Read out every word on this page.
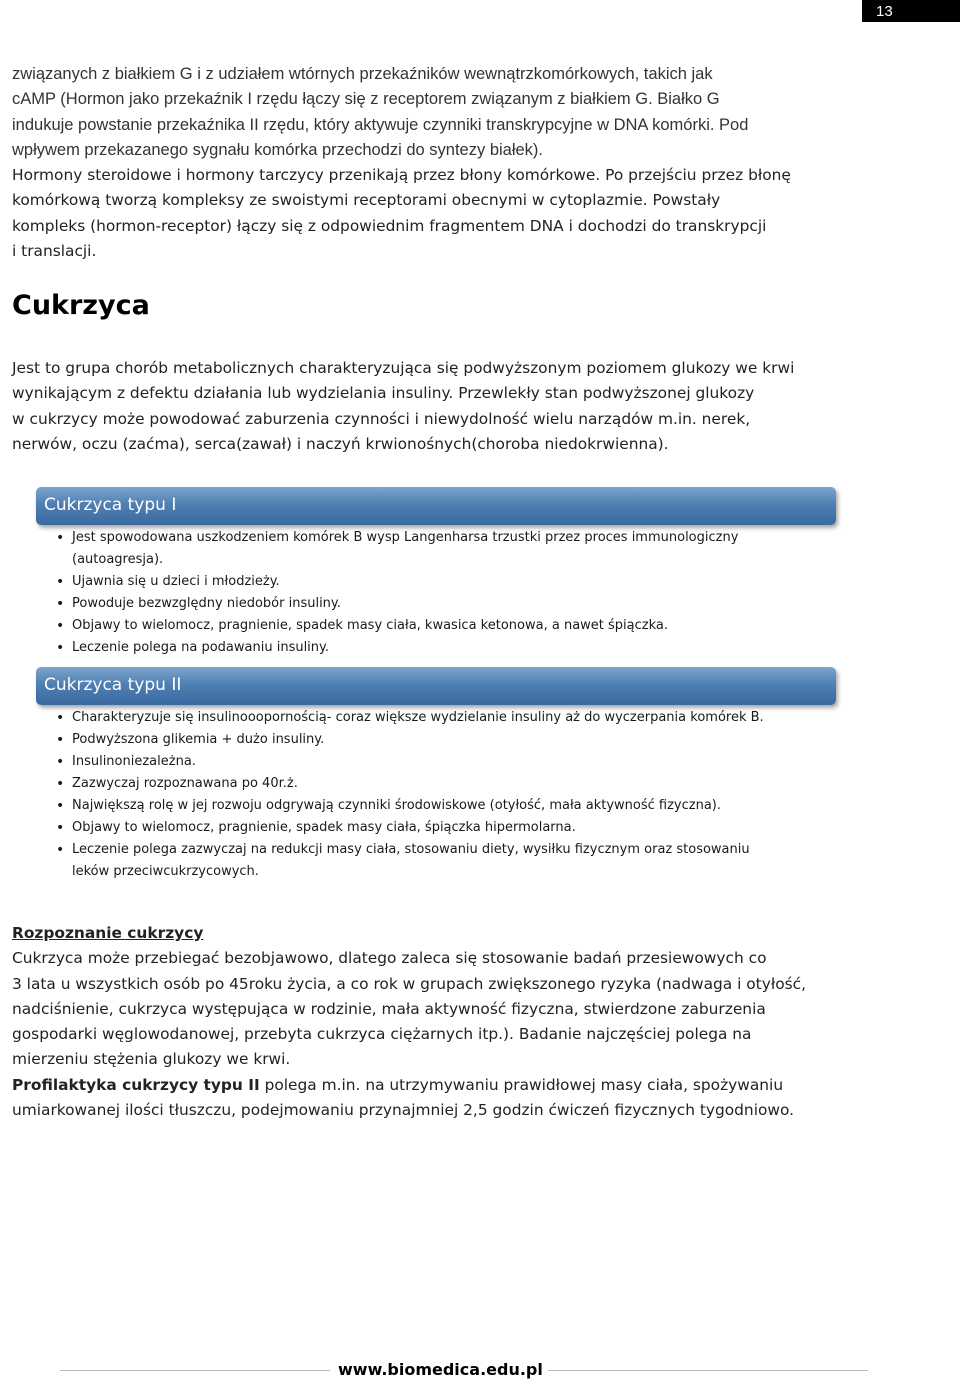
13
związanych z białkiem G i z udziałem wtórnych przekaźników wewnątrzkomórkowych, takich jak
cAMP (Hormon jako przekaźnik I rzędu łączy się z receptorem związanym z białkiem G. Białko G
indukuje powstanie przekaźnika II rzędu, który aktywuje czynniki transkrypcyjne w DNA komórki. Pod
wpływem przekazanego sygnału komórka przechodzi do syntezy białek).
Hormony steroidowe i hormony tarczycy przenikają przez błony komórkowe. Po przejściu przez błonę
komórkową tworzą kompleksy ze swoistymi receptorami obecnymi w cytoplazmie. Powstały
kompleks (hormon-receptor) łączy się z odpowiednim fragmentem DNA i dochodzi do transkrypcji
i translacji.
Cukrzyca
Jest to grupa chorób metabolicznych charakteryzująca się podwyższonym poziomem glukozy we krwi
wynikającym z defektu działania lub wydzielania insuliny. Przewlekły stan podwyższonej glukozy
w cukrzycy może powodować zaburzenia czynności i niewydolność wielu narządów m.in. nerek,
nerwów, oczu (zaćma), serca(zawał) i naczyń krwionośnych(choroba niedokrwienna).
Cukrzyca typu I
• Jest spowodowana uszkodzeniem komórek B wysp Langenharsa trzustki przez proces immunologiczny
(autoagresja).
• Ujawnia się u dzieci i młodzieży.
• Powoduje bezwzględny niedobór insuliny.
• Objawy to wielomocz, pragnienie, spadek masy ciała, kwasica ketonowa, a nawet śpiączka.
• Leczenie polega na podawaniu insuliny.
Cukrzyca typu II
• Charakteryzuje się insulinooopornością- coraz większe wydzielanie insuliny aż do wyczerpania komórek B.
• Podwyższona glikemia + dużo insuliny.
• Insulinoniezależna.
• Zazwyczaj rozpoznawana po 40r.ż.
• Największą rolę w jej rozwoju odgrywają czynniki środowiskowe (otyłość, mała aktywność fizyczna).
• Objawy to wielomocz, pragnienie, spadek masy ciała, śpiączka hipermolarna.
• Leczenie polega zazwyczaj na redukcji masy ciała, stosowaniu diety, wysiłku fizycznym oraz stosowaniu
leków przeciwcukrzycowych.
Rozpoznanie cukrzycy
Cukrzyca może przebiegać bezobjawowo, dlatego zaleca się stosowanie badań przesiewowych co
3 lata u wszystkich osób po 45roku życia, a co rok w grupach zwiększonego ryzyka (nadwaga i otyłość,
nadciśnienie, cukrzyca występująca w rodzinie, mała aktywność fizyczna, stwierdzone zaburzenia
gospodarki węglowodanowej, przebyta cukrzyca ciężarnych itp.). Badanie najczęściej polega na
mierzeniu stężenia glukozy we krwi.
Profilaktyka cukrzycy typu II polega m.in. na utrzymywaniu prawidłowej masy ciała, spożywaniu
umiarkowanej ilości tłuszczu, podejmowaniu przynajmniej 2,5 godzin ćwiczeń fizycznych tygodniowo.
www.biomedica.edu.pl
